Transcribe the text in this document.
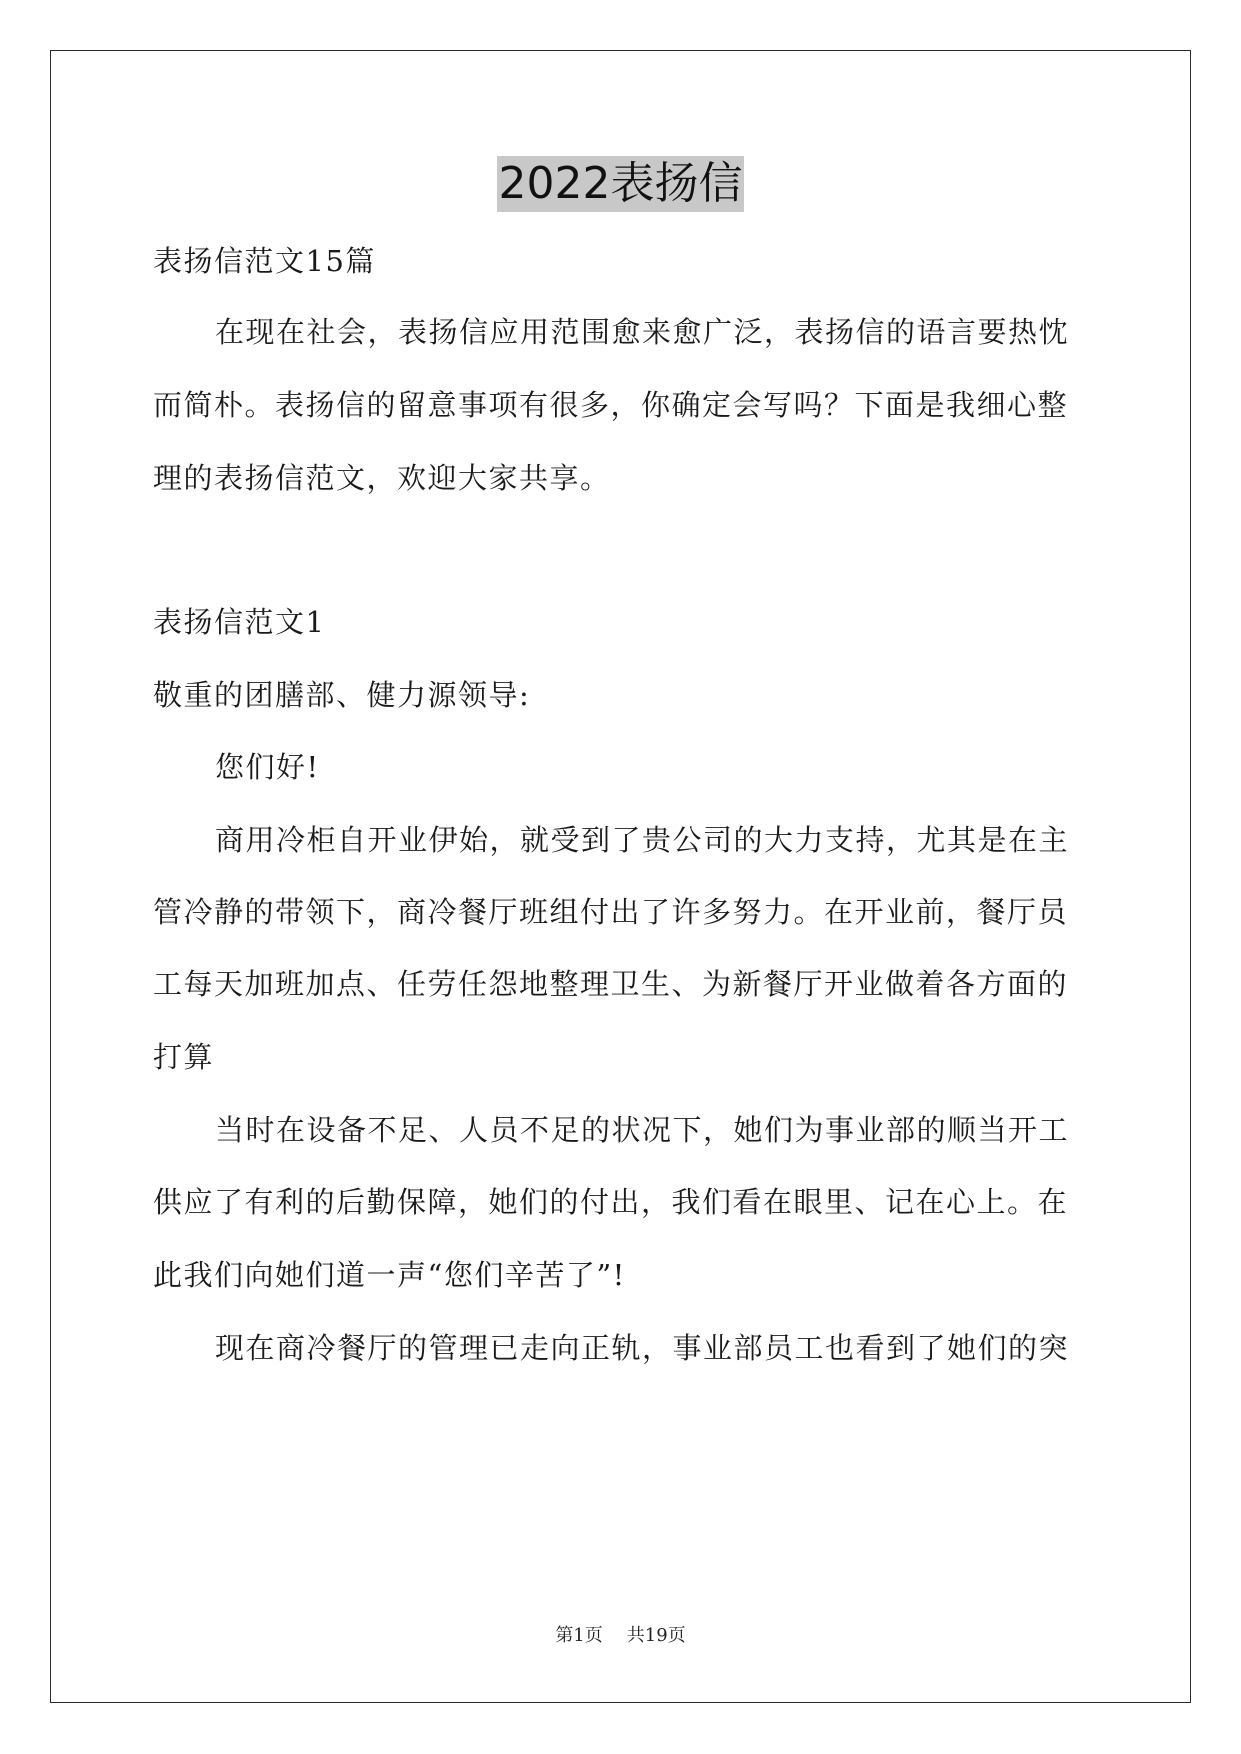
2022表扬信
表扬信范文15篇
在现在社会，表扬信应用范围愈来愈广泛，表扬信的语言要热忱
而简朴。表扬信的留意事项有很多，你确定会写吗？下面是我细心整
理的表扬信范文，欢迎大家共享。
表扬信范文1
敬重的团膳部、健力源领导:
您们好!
商用冷柜自开业伊始，就受到了贵公司的大力支持，尤其是在主
管冷静的带领下，商冷餐厅班组付出了许多努力。在开业前，餐厅员
工每天加班加点、任劳任怨地整理卫生、为新餐厅开业做着各方面的
打算
当时在设备不足、人员不足的状况下，她们为事业部的顺当开工
供应了有利的后勤保障，她们的付出，我们看在眼里、记在心上。在
此我们向她们道一声“您们辛苦了”!
现在商冷餐厅的管理已走向正轨，事业部员工也看到了她们的突
第1页 共19页
